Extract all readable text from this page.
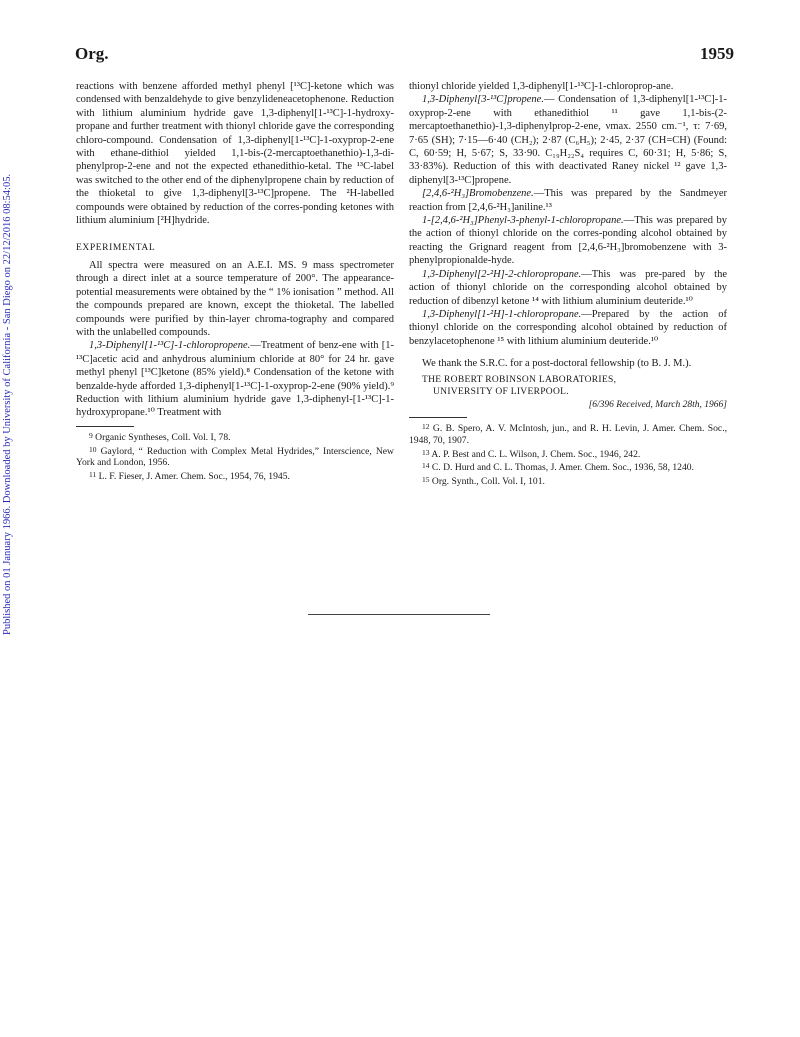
Published on 01 January 1966. Downloaded by University of California - San Diego on 22/12/2016 08:54:05.
Org.	1959

reactions with benzene afforded methyl phenyl [¹³C]-ketone which was condensed with benzaldehyde to give benzylideneacetophenone. Reduction with lithium aluminium hydride gave 1,3-diphenyl[1-¹³C]-1-hydroxy-propane and further treatment with thionyl chloride gave the corresponding chloro-compound. Condensation of 1,3-diphenyl[1-¹³C]-1-oxyprop-2-ene with ethane-dithiol yielded 1,1-bis-(2-mercaptoethanethio)-1,3-di-phenylprop-2-ene and not the expected ethanedithio-ketal. The ¹³C-label was switched to the other end of the diphenylpropene chain by reduction of the thioketal to give 1,3-diphenyl[3-¹³C]propene. The ²H-labelled compounds were obtained by reduction of the corres-ponding ketones with lithium aluminium [²H]hydride.

EXPERIMENTAL

All spectra were measured on an A.E.I. MS. 9 mass spectrometer through a direct inlet at a source temperature of 200°. The appearance-potential measurements were obtained by the “ 1% ionisation ” method. All the compounds prepared are known, except the thioketal. The labelled compounds were purified by thin-layer chroma-tography and compared with the unlabelled compounds.

1,3-Diphenyl[1-¹³C]-1-chloropropene.—Treatment of benz-ene with [1-¹³C]acetic acid and anhydrous aluminium chloride at 80° for 24 hr. gave methyl phenyl [¹³C]ketone (85% yield).⁸ Condensation of the ketone with benzalde-hyde afforded 1,3-diphenyl[1-¹³C]-1-oxyprop-2-ene (90% yield).⁹ Reduction with lithium aluminium hydride gave 1,3-diphenyl-[1-¹³C]-1-hydroxypropane.¹⁰ Treatment with

$^9$ Organic Syntheses, Coll. Vol. I, 78.

$^{10}$ Gaylord, “ Reduction with Complex Metal Hydrides,” Interscience, New York and London, 1956.

$^{11}$ L. F. Fieser, J. Amer. Chem. Soc., 1954, 76, 1945.

thionyl chloride yielded 1,3-diphenyl[1-¹³C]-1-chloroprop-ane.

1,3-Diphenyl[3-¹³C]propene.— Condensation of 1,3-diphenyl[1-¹³C]-1-oxyprop-2-ene with ethanedithiol ¹¹ gave 1,1-bis-(2-mercaptoethanethio)-1,3-diphenylprop-2-ene, νmax. 2550 cm.⁻¹, τ: 7·69, 7·65 (SH); 7·15—6·40 (CH₂); 2·87 (C₆H₅); 2·45, 2·37 (CH=CH) (Found: C, 60·59; H, 5·67; S, 33·90. C₁₉H₂₂S₄ requires C, 60·31; H, 5·86; S, 33·83%). Reduction of this with deactivated Raney nickel ¹² gave 1,3-diphenyl[3-¹³C]propene.

[2,4,6-²H₃]Bromobenzene.—This was prepared by the Sandmeyer reaction from [2,4,6-²H₃]aniline.¹³

1-[2,4,6-²H₃]Phenyl-3-phenyl-1-chloropropane.—This was prepared by the action of thionyl chloride on the corres-ponding alcohol obtained by reacting the Grignard reagent from [2,4,6-²H₃]bromobenzene with 3-phenylpropionalde-hyde.

1,3-Diphenyl[2-²H]-2-chloropropane.—This was pre-pared by the action of thionyl chloride on the corresponding alcohol obtained by reduction of dibenzyl ketone ¹⁴ with lithium aluminium deuteride.¹⁰

1,3-Diphenyl[1-²H]-1-chloropropane.—Prepared by the action of thionyl chloride on the corresponding alcohol obtained by reduction of benzylacetophenone ¹⁵ with lithium aluminium deuteride.¹⁰

We thank the S.R.C. for a post-doctoral fellowship (to B. J. M.).

THE ROBERT ROBINSON LABORATORIES,

UNIVERSITY OF LIVERPOOL.

[6/396 Received, March 28th, 1966]

$^{12}$ G. B. Spero, A. V. McIntosh, jun., and R. H. Levin, J. Amer. Chem. Soc., 1948, 70, 1907.

$^{13}$ A. P. Best and C. L. Wilson, J. Chem. Soc., 1946, 242.

$^{14}$ C. D. Hurd and C. L. Thomas, J. Amer. Chem. Soc., 1936, 58, 1240.

$^{15}$ Org. Synth., Coll. Vol. I, 101.
